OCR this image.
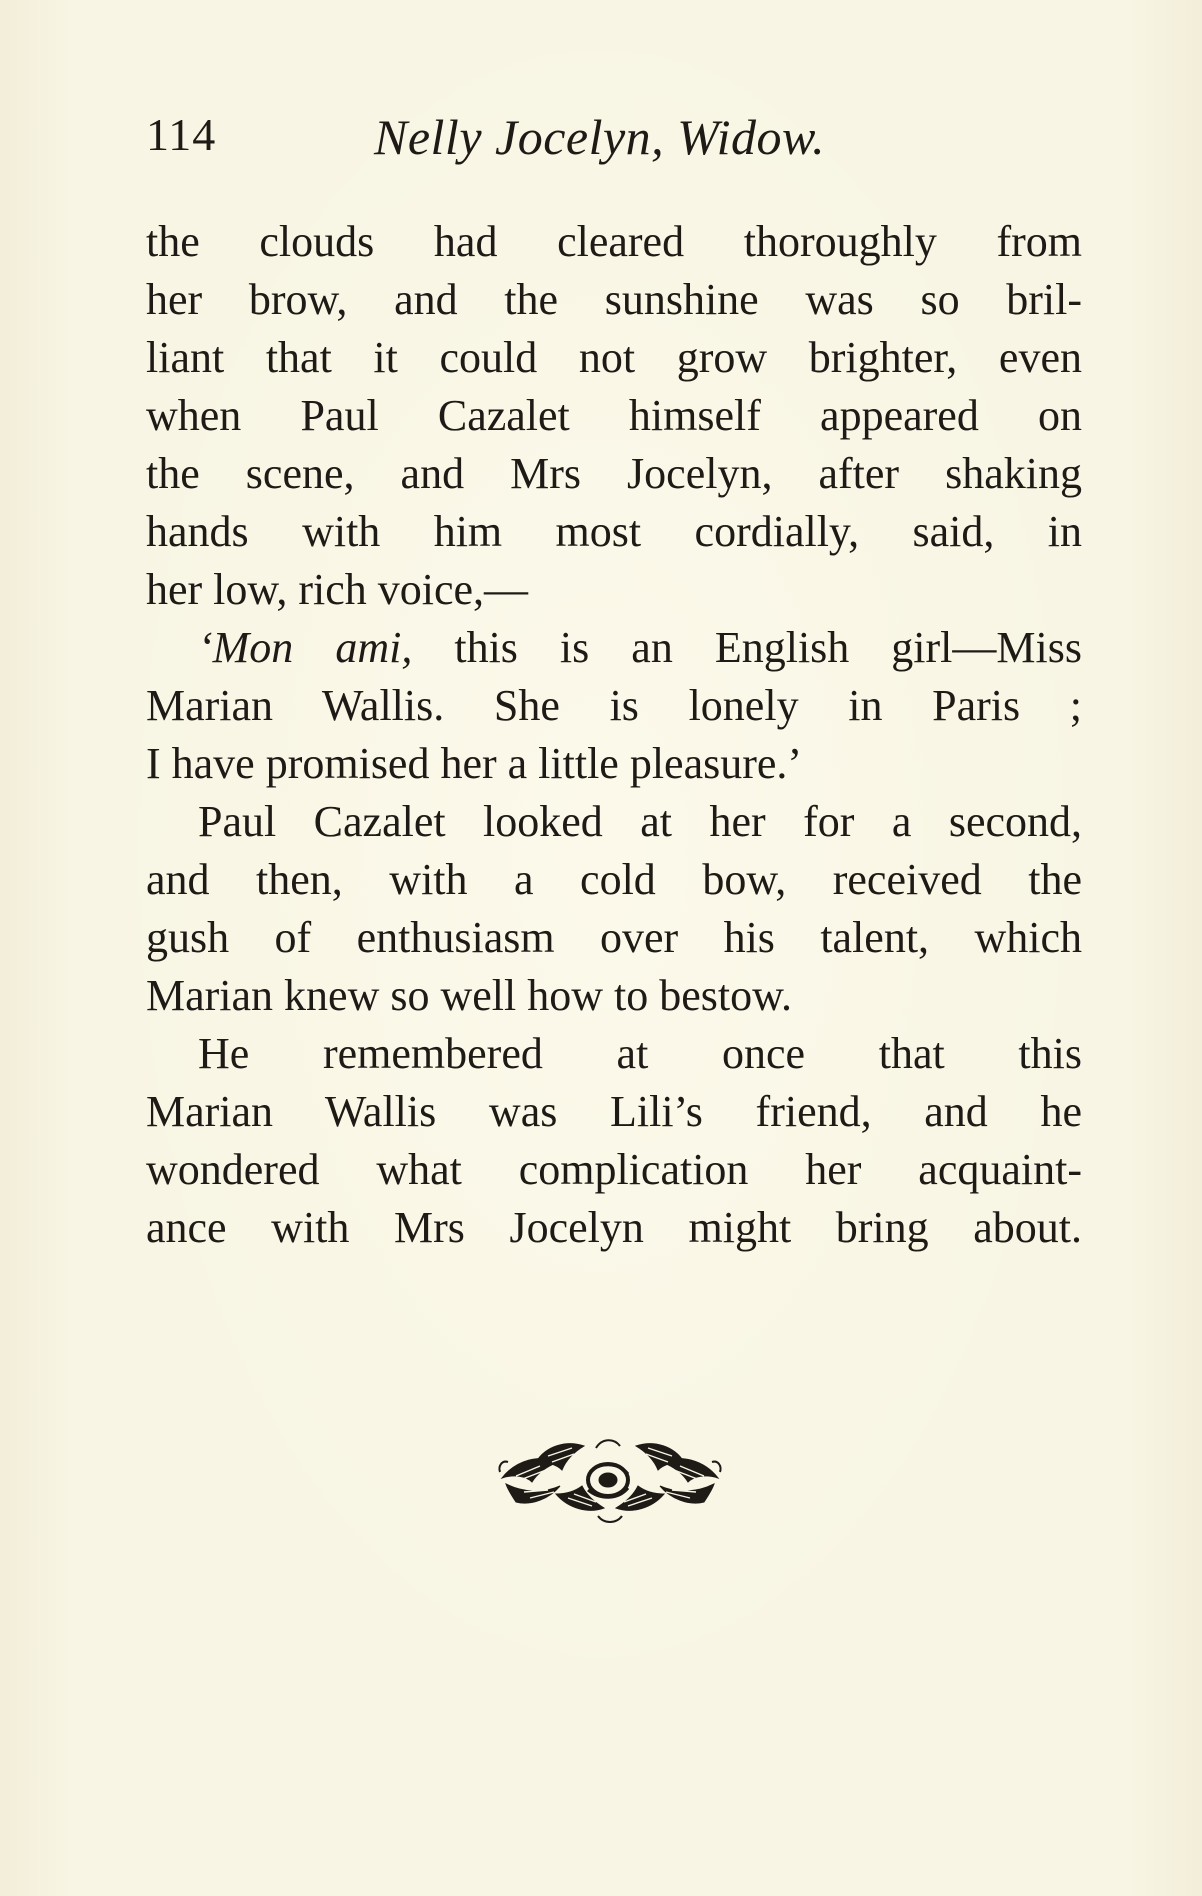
114	Nelly Jocelyn, Widow.
the clouds had cleared thoroughly from
her brow, and the sunshine was so bril-
liant that it could not grow brighter, even
when Paul Cazalet himself appeared on
the scene, and Mrs Jocelyn, after shaking
hands with him most cordially, said, in
her low, rich voice,—
‘Mon ami, this is an English girl—Miss
Marian Wallis. She is lonely in Paris ;
I have promised her a little pleasure.’
Paul Cazalet looked at her for a second,
and then, with a cold bow, received the
gush of enthusiasm over his talent, which
Marian knew so well how to bestow.
He remembered at once that this
Marian Wallis was Lili’s friend, and he
wondered what complication her acquaint-
ance with Mrs Jocelyn might bring about.
